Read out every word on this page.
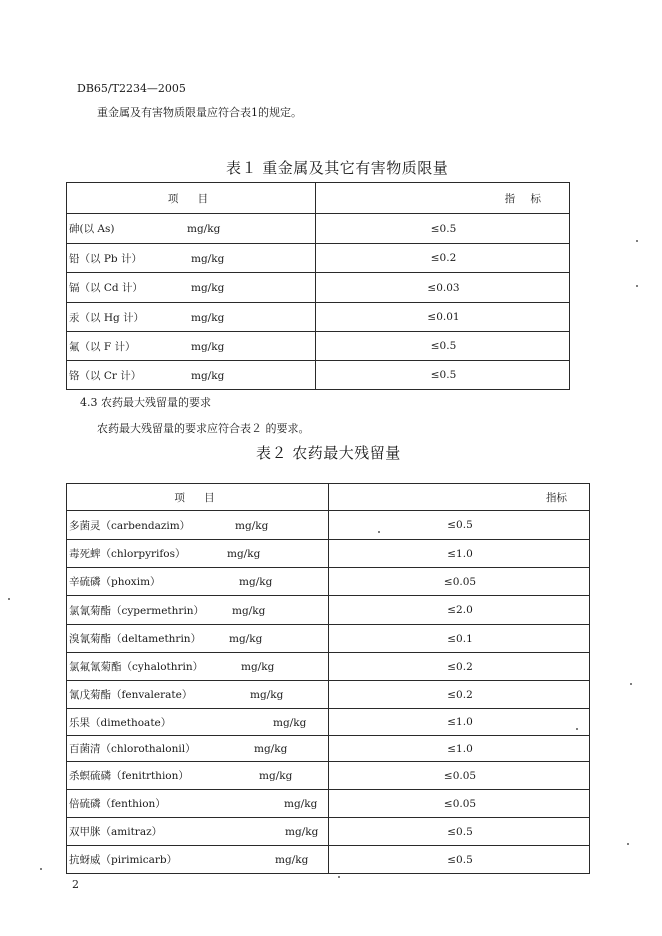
DB65/T2234—2005
重金属及有害物质限量应符合表1的规定。
表１ 重金属及其它有害物质限量
项 目	指 标
砷(以 As) mg/kg	≤0.5
铅（以 Pb 计） mg/kg	≤0.2
镉（以 Cd 计） mg/kg	≤0.03
汞（以 Hg 计） mg/kg	≤0.01
氟（以 F 计） mg/kg	≤0.5
铬（以 Cr 计） mg/kg	≤0.5
4.3 农药最大残留量的要求
农药最大残留量的要求应符合表２ 的要求。
表２ 农药最大残留量
项 目	指标
多菌灵（carbendazim） mg/kg	≤0.5
毒死蜱（chlorpyrifos） mg/kg	≤1.0
辛硫磷（phoxim） mg/kg	≤0.05
氯氰菊酯（cypermethrin） mg/kg	≤2.0
溴氰菊酯（deltamethrin） mg/kg	≤0.1
氯氟氰菊酯（cyhalothrin） mg/kg	≤0.2
氰戊菊酯（fenvalerate） mg/kg	≤0.2
乐果（dimethoate） mg/kg	≤1.0
百菌清（chlorothalonil） mg/kg	≤1.0
杀螟硫磷（fenitrthion） mg/kg	≤0.05
倍硫磷（fenthion） mg/kg	≤0.05
双甲脒（amitraz） mg/kg	≤0.5
抗蚜威（pirimicarb） mg/kg	≤0.5
2
